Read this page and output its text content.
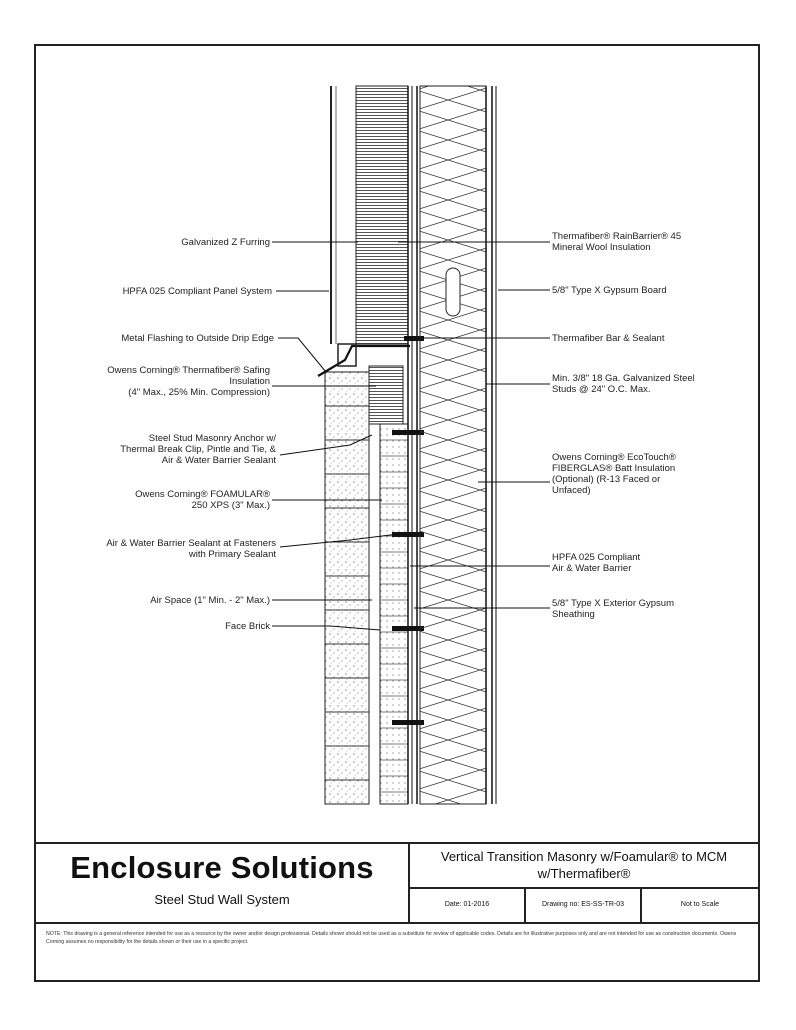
Galvanized Z Furring
HPFA 025 Compliant Panel System
Metal Flashing to Outside Drip Edge
Owens Corning® Thermafiber® Safing
Insulation
(4" Max., 25% Min. Compression)
Steel Stud Masonry Anchor w/
Thermal Break Clip, Pintle and Tie, &
Air & Water Barrier Sealant
Owens Corning® FOAMULAR®
250 XPS (3" Max.)
Air & Water Barrier Sealant at Fasteners
with Primary Sealant
Air Space (1" Min. - 2" Max.)
Face Brick
Thermafiber® RainBarrier® 45
Mineral Wool Insulation
5/8" Type X Gypsum Board
Thermafiber Bar & Sealant
Min. 3/8" 18 Ga. Galvanized Steel
Studs @ 24" O.C. Max.
Owens Corning® EcoTouch®
FIBERGLAS® Batt Insulation
(Optional) (R-13 Faced or
Unfaced)
HPFA 025 Compliant
Air & Water Barrier
5/8" Type X Exterior Gypsum
Sheathing
Enclosure Solutions
Steel Stud Wall System
Vertical Transition Masonry w/Foamular® to MCM w/Thermafiber®
Date: 01-2016	Drawing no: ES-SS-TR-03	Not to Scale
NOTE: This drawing is a general reference intended for use as a resource by the owner and/or design professional. Details shown should not be used as a substitute for review of applicable codes. Details are for illustrative purposes only and are not intended for use as construction documents. Owens Corning assumes no responsibility for the details shown or their use in a specific project.
